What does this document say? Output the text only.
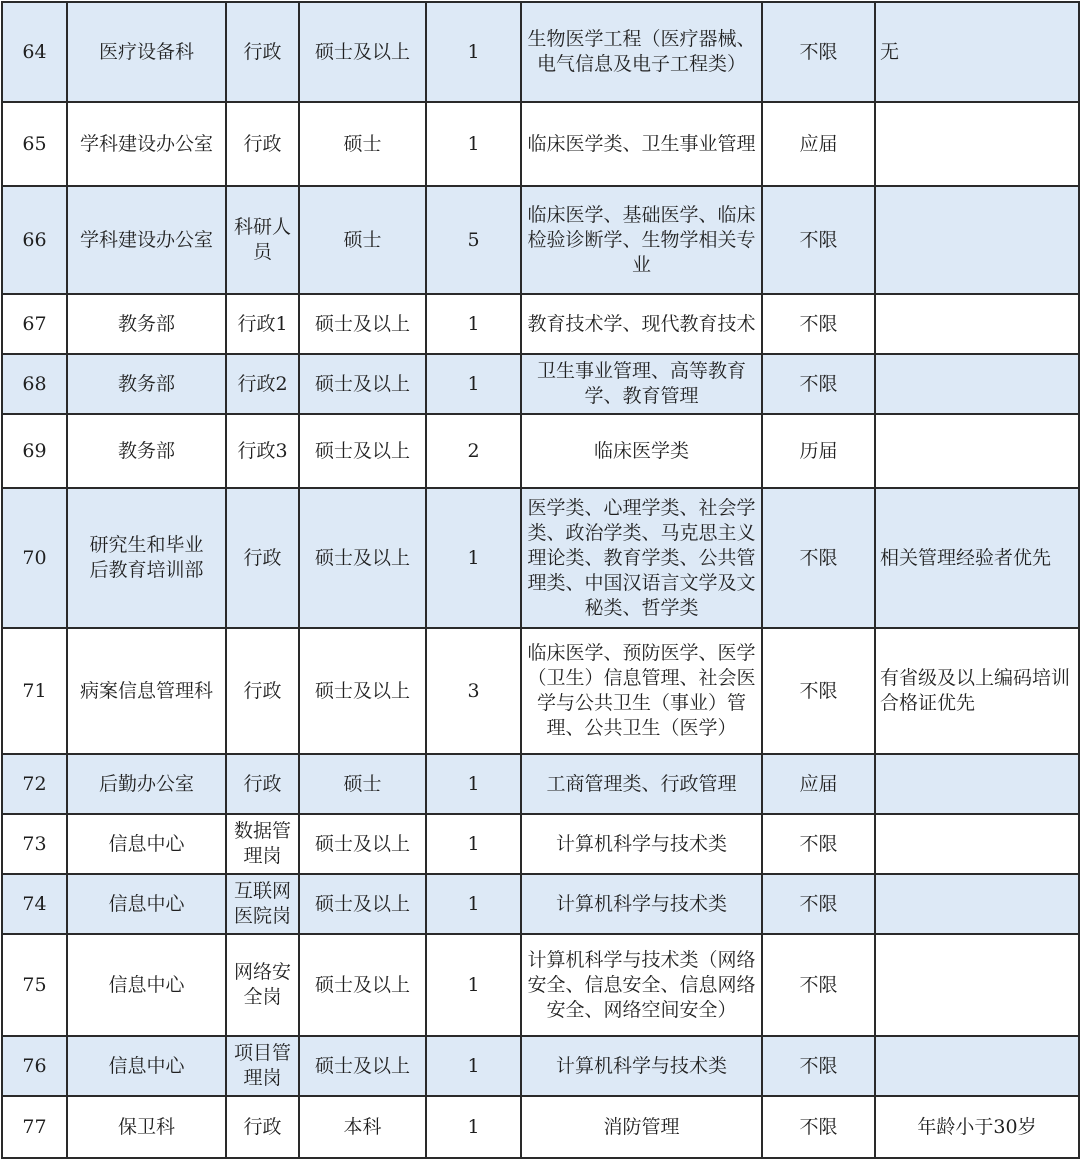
64	医疗设备科	行政	硕士及以上	1	生物医学工程（医疗器械、电气信息及电子工程类）	不限	无
65	学科建设办公室	行政	硕士	1	临床医学类、卫生事业管理	应届	
66	学科建设办公室	科研人员	硕士	5	临床医学、基础医学、临床检验诊断学、生物学相关专业	不限	
67	教务部	行政1	硕士及以上	1	教育技术学、现代教育技术	不限	
68	教务部	行政2	硕士及以上	1	卫生事业管理、高等教育学、教育管理	不限	
69	教务部	行政3	硕士及以上	2	临床医学类	历届	
70	研究生和毕业后教育培训部	行政	硕士及以上	1	医学类、心理学类、社会学类、政治学类、马克思主义理论类、教育学类、公共管理类、中国汉语言文学及文秘类、哲学类	不限	相关管理经验者优先
71	病案信息管理科	行政	硕士及以上	3	临床医学、预防医学、医学（卫生）信息管理、社会医学与公共卫生（事业）管理、公共卫生（医学）	不限	有省级及以上编码培训合格证优先
72	后勤办公室	行政	硕士	1	工商管理类、行政管理	应届	
73	信息中心	数据管理岗	硕士及以上	1	计算机科学与技术类	不限	
74	信息中心	互联网医院岗	硕士及以上	1	计算机科学与技术类	不限	
75	信息中心	网络安全岗	硕士及以上	1	计算机科学与技术类（网络安全、信息安全、信息网络安全、网络空间安全）	不限	
76	信息中心	项目管理岗	硕士及以上	1	计算机科学与技术类	不限	
77	保卫科	行政	本科	1	消防管理	不限	年龄小于30岁
